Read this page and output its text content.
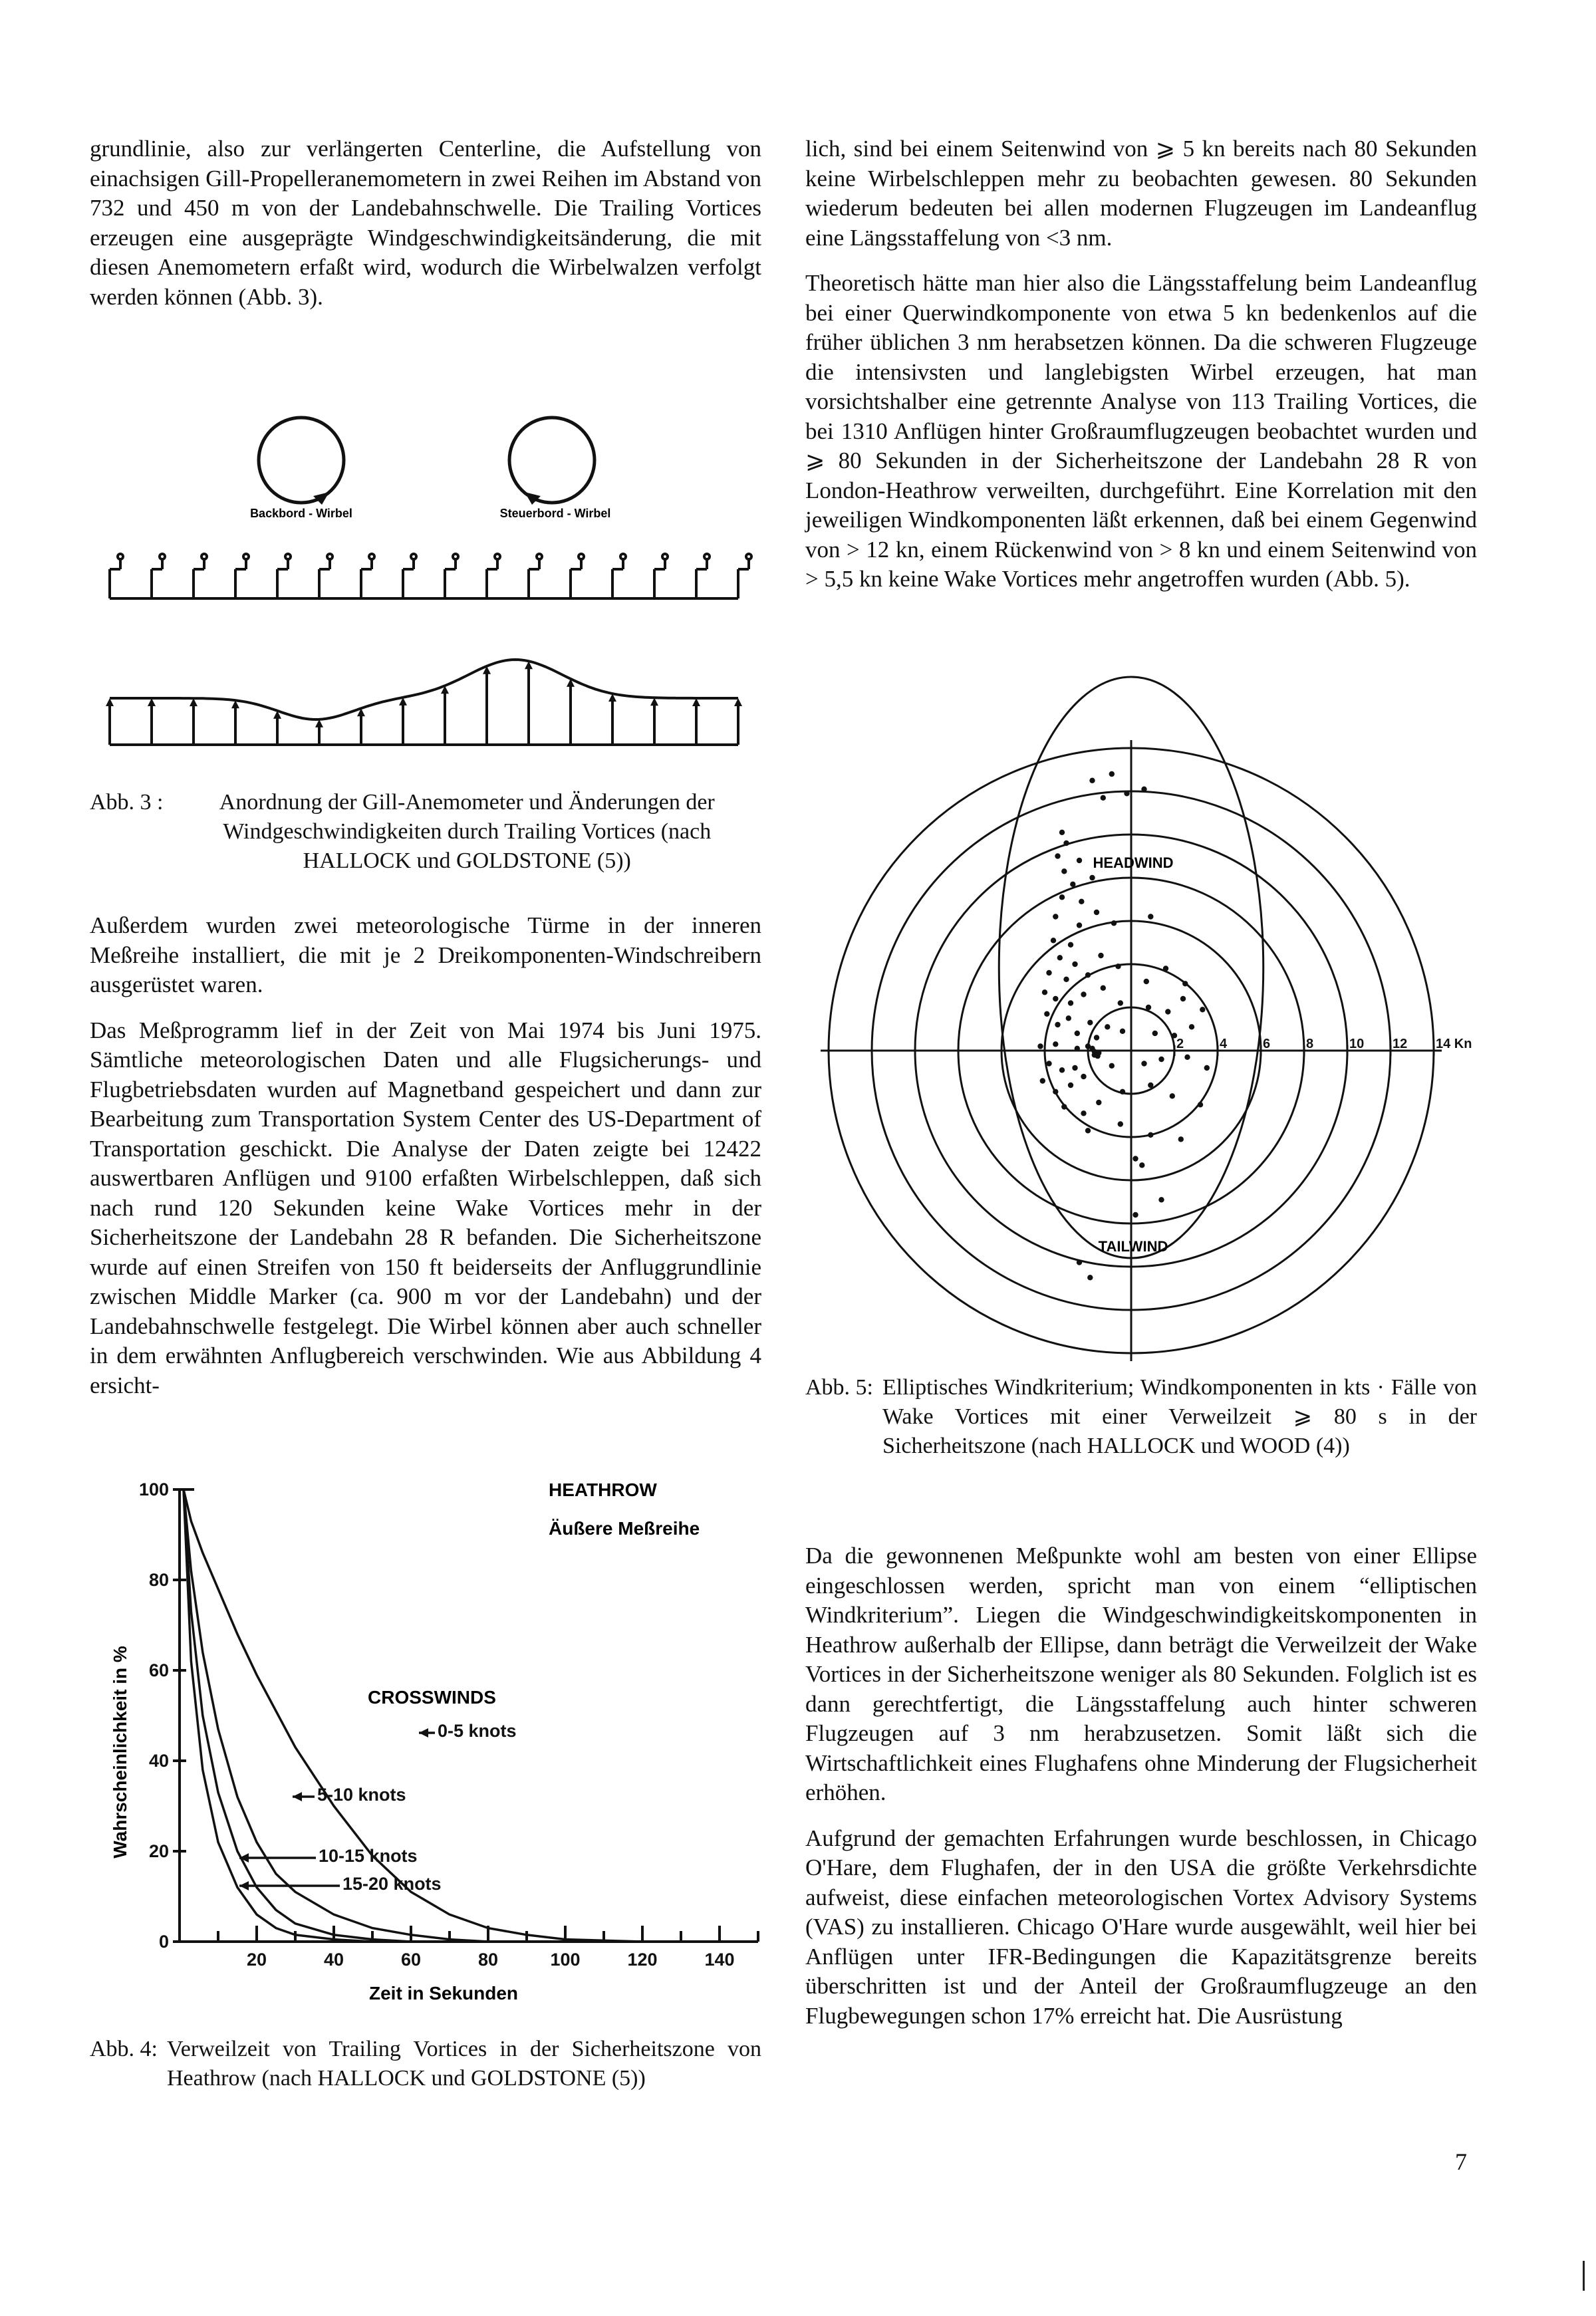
grundlinie, also zur verlängerten Centerline, die Aufstellung von einachsigen Gill-Propelleranemometern in zwei Reihen im Abstand von 732 und 450 m von der Landebahnschwelle. Die Trailing Vortices erzeugen eine ausgeprägte Windgeschwindigkeitsänderung, die mit diesen Anemometern erfaßt wird, wodurch die Wirbelwalzen verfolgt werden können (Abb. 3).

Backbord - Wirbel	Steuerbord - Wirbel
Abb. 3 :	Anordnung der Gill-Anemometer und Änderungen der Windgeschwindigkeiten durch Trailing Vortices (nach HALLOCK und GOLDSTONE (5))

Außerdem wurden zwei meteorologische Türme in der inneren Meßreihe installiert, die mit je 2 Dreikomponenten-Windschreibern ausgerüstet waren.

Das Meßprogramm lief in der Zeit von Mai 1974 bis Juni 1975. Sämtliche meteorologischen Daten und alle Flugsicherungs- und Flugbetriebsdaten wurden auf Magnetband gespeichert und dann zur Bearbeitung zum Transportation System Center des US-Department of Transportation geschickt. Die Analyse der Daten zeigte bei 12422 auswertbaren Anflügen und 9100 erfaßten Wirbelschleppen, daß sich nach rund 120 Sekunden keine Wake Vortices mehr in der Sicherheitszone der Landebahn 28 R befanden. Die Sicherheitszone wurde auf einen Streifen von 150 ft beiderseits der Anfluggrundlinie zwischen Middle Marker (ca. 900 m vor der Landebahn) und der Landebahnschwelle festgelegt. Die Wirbel können aber auch schneller in dem erwähnten Anflugbereich verschwinden. Wie aus Abbildung 4 ersicht-

0
20
40
60
80
100
20	40	60	80	100	120	140
0-5 knots
5-10 knots
10-15 knots
15-20 knots
HEATHROW
Äußere Meßreihe
CROSSWINDS
Zeit in Sekunden
Wahrscheinlichkeit in %
Abb. 4: Verweilzeit von Trailing Vortices in der Sicherheitszone von Heathrow (nach HALLOCK und GOLDSTONE (5))

lich, sind bei einem Seitenwind von ⩾ 5 kn bereits nach 80 Sekunden keine Wirbelschleppen mehr zu beobachten gewesen. 80 Sekunden wiederum bedeuten bei allen modernen Flugzeugen im Landeanflug eine Längsstaffelung von <3 nm.

Theoretisch hätte man hier also die Längsstaffelung beim Landeanflug bei einer Querwindkomponente von etwa 5 kn bedenkenlos auf die früher üblichen 3 nm herabsetzen können. Da die schweren Flugzeuge die intensivsten und langlebigsten Wirbel erzeugen, hat man vorsichtshalber eine getrennte Analyse von 113 Trailing Vortices, die bei 1310 Anflügen hinter Großraumflugzeugen beobachtet wurden und ⩾ 80 Sekunden in der Sicherheitszone der Landebahn 28 R von London-Heathrow verweilten, durchgeführt. Eine Korrelation mit den jeweiligen Windkomponenten läßt erkennen, daß bei einem Gegenwind von > 12 kn, einem Rückenwind von > 8 kn und einem Seitenwind von > 5,5 kn keine Wake Vortices mehr angetroffen wurden (Abb. 5).

2	4	6	8	10 12 14 Kn
HEADWIND
TAILWIND
Abb. 5: Elliptisches Windkriterium; Windkomponenten in kts · Fälle von Wake Vortices mit einer Verweilzeit ⩾ 80 s in der Sicherheitszone (nach HALLOCK und WOOD (4))

Da die gewonnenen Meßpunkte wohl am besten von einer Ellipse eingeschlossen werden, spricht man von einem “elliptischen Windkriterium”. Liegen die Windgeschwindigkeitskomponenten in Heathrow außerhalb der Ellipse, dann beträgt die Verweilzeit der Wake Vortices in der Sicherheitszone weniger als 80 Sekunden. Folglich ist es dann gerechtfertigt, die Längsstaffelung auch hinter schweren Flugzeugen auf 3 nm herabzusetzen. Somit läßt sich die Wirtschaftlichkeit eines Flughafens ohne Minderung der Flugsicherheit erhöhen.

Aufgrund der gemachten Erfahrungen wurde beschlossen, in Chicago O'Hare, dem Flughafen, der in den USA die größte Verkehrsdichte aufweist, diese einfachen meteorologischen Vortex Advisory Systems (VAS) zu installieren. Chicago O'Hare wurde ausgewählt, weil hier bei Anflügen unter IFR-Bedingungen die Kapazitätsgrenze bereits überschritten ist und der Anteil der Großraumflugzeuge an den Flugbewegungen schon 17% erreicht hat. Die Ausrüstung

7
